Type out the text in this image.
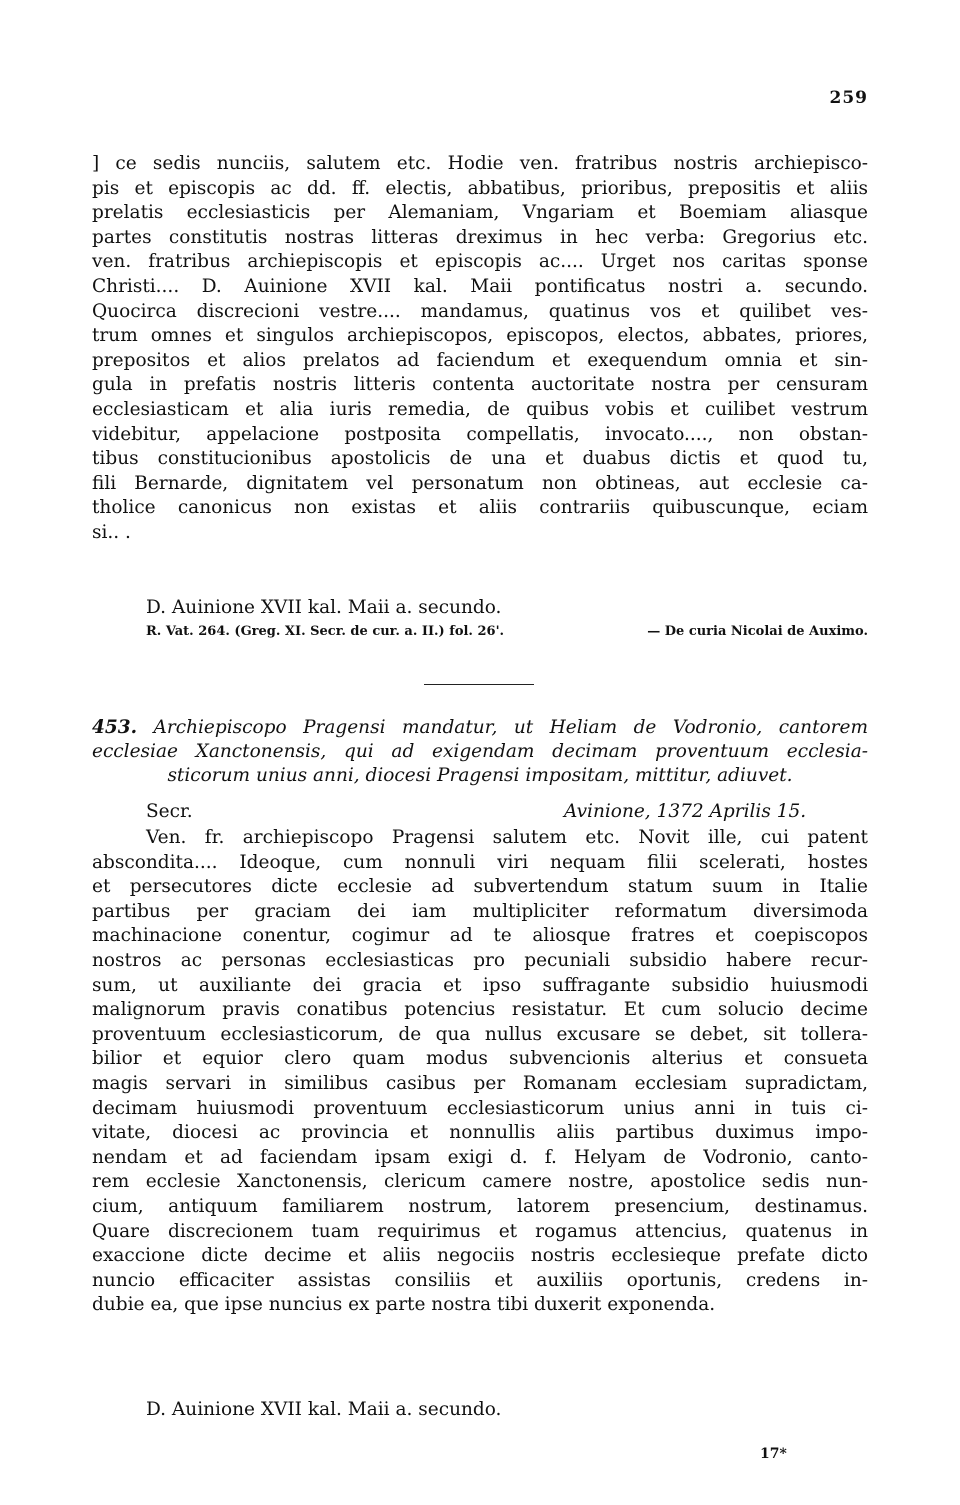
259
] ce sedis nunciis, salutem etc. Hodie ven. fratribus nostris archiepisco-
pis et episcopis ac dd. ff. electis, abbatibus, prioribus, prepositis et aliis
prelatis ecclesiasticis per Alemaniam, Vngariam et Boemiam aliasque
partes constitutis nostras litteras dreximus in hec verba: Gregorius etc.
ven. fratribus archiepiscopis et episcopis ac.... Urget nos caritas sponse
Christi.... D. Auinione XVII kal. Maii pontificatus nostri a. secundo.
Quocirca discrecioni vestre.... mandamus, quatinus vos et quilibet ves-
trum omnes et singulos archiepiscopos, episcopos, electos, abbates, priores,
prepositos et alios prelatos ad faciendum et exequendum omnia et sin-
gula in prefatis nostris litteris contenta auctoritate nostra per censuram
ecclesiasticam et alia iuris remedia, de quibus vobis et cuilibet vestrum
videbitur, appelacione postposita compellatis, invocato...., non obstan-
tibus constitucionibus apostolicis de una et duabus dictis et quod tu,
fili Bernarde, dignitatem vel personatum non obtineas, aut ecclesie ca-
tholice canonicus non existas et aliis contrariis quibuscunque, eciam
si.. .
D. Auinione XVII kal. Maii a. secundo.
R. Vat. 264. (Greg. XI. Secr. de cur. a. II.) fol. 26'.	— De curia Nicolai de Auximo.
453. Archiepiscopo Pragensi mandatur, ut Heliam de Vodronio, cantorem
ecclesiae Xanctonensis, qui ad exigendam decimam proventuum ecclesia-
sticorum unius anni, diocesi Pragensi impositam, mittitur, adiuvet.
Secr.	Avinione, 1372 Aprilis 15.
Ven. fr. archiepiscopo Pragensi salutem etc. Novit ille, cui patent
abscondita.... Ideoque, cum nonnuli viri nequam filii scelerati, hostes
et persecutores dicte ecclesie ad subvertendum statum suum in Italie
partibus per graciam dei iam multipliciter reformatum diversimoda
machinacione conentur, cogimur ad te aliosque fratres et coepiscopos
nostros ac personas ecclesiasticas pro pecuniali subsidio habere recur-
sum, ut auxiliante dei gracia et ipso suffragante subsidio huiusmodi
malignorum pravis conatibus potencius resistatur. Et cum solucio decime
proventuum ecclesiasticorum, de qua nullus excusare se debet, sit tollera-
bilior et equior clero quam modus subvencionis alterius et consueta
magis servari in similibus casibus per Romanam ecclesiam supradictam,
decimam huiusmodi proventuum ecclesiasticorum unius anni in tuis ci-
vitate, diocesi ac provincia et nonnullis aliis partibus duximus impo-
nendam et ad faciendam ipsam exigi d. f. Helyam de Vodronio, canto-
rem ecclesie Xanctonensis, clericum camere nostre, apostolice sedis nun-
cium, antiquum familiarem nostrum, latorem presencium, destinamus.
Quare discrecionem tuam requirimus et rogamus attencius, quatenus in
exaccione dicte decime et aliis negociis nostris ecclesieque prefate dicto
nuncio efficaciter assistas consiliis et auxiliis oportunis, credens in-
dubie ea, que ipse nuncius ex parte nostra tibi duxerit exponenda.
D. Auinione XVII kal. Maii a. secundo.
17*
